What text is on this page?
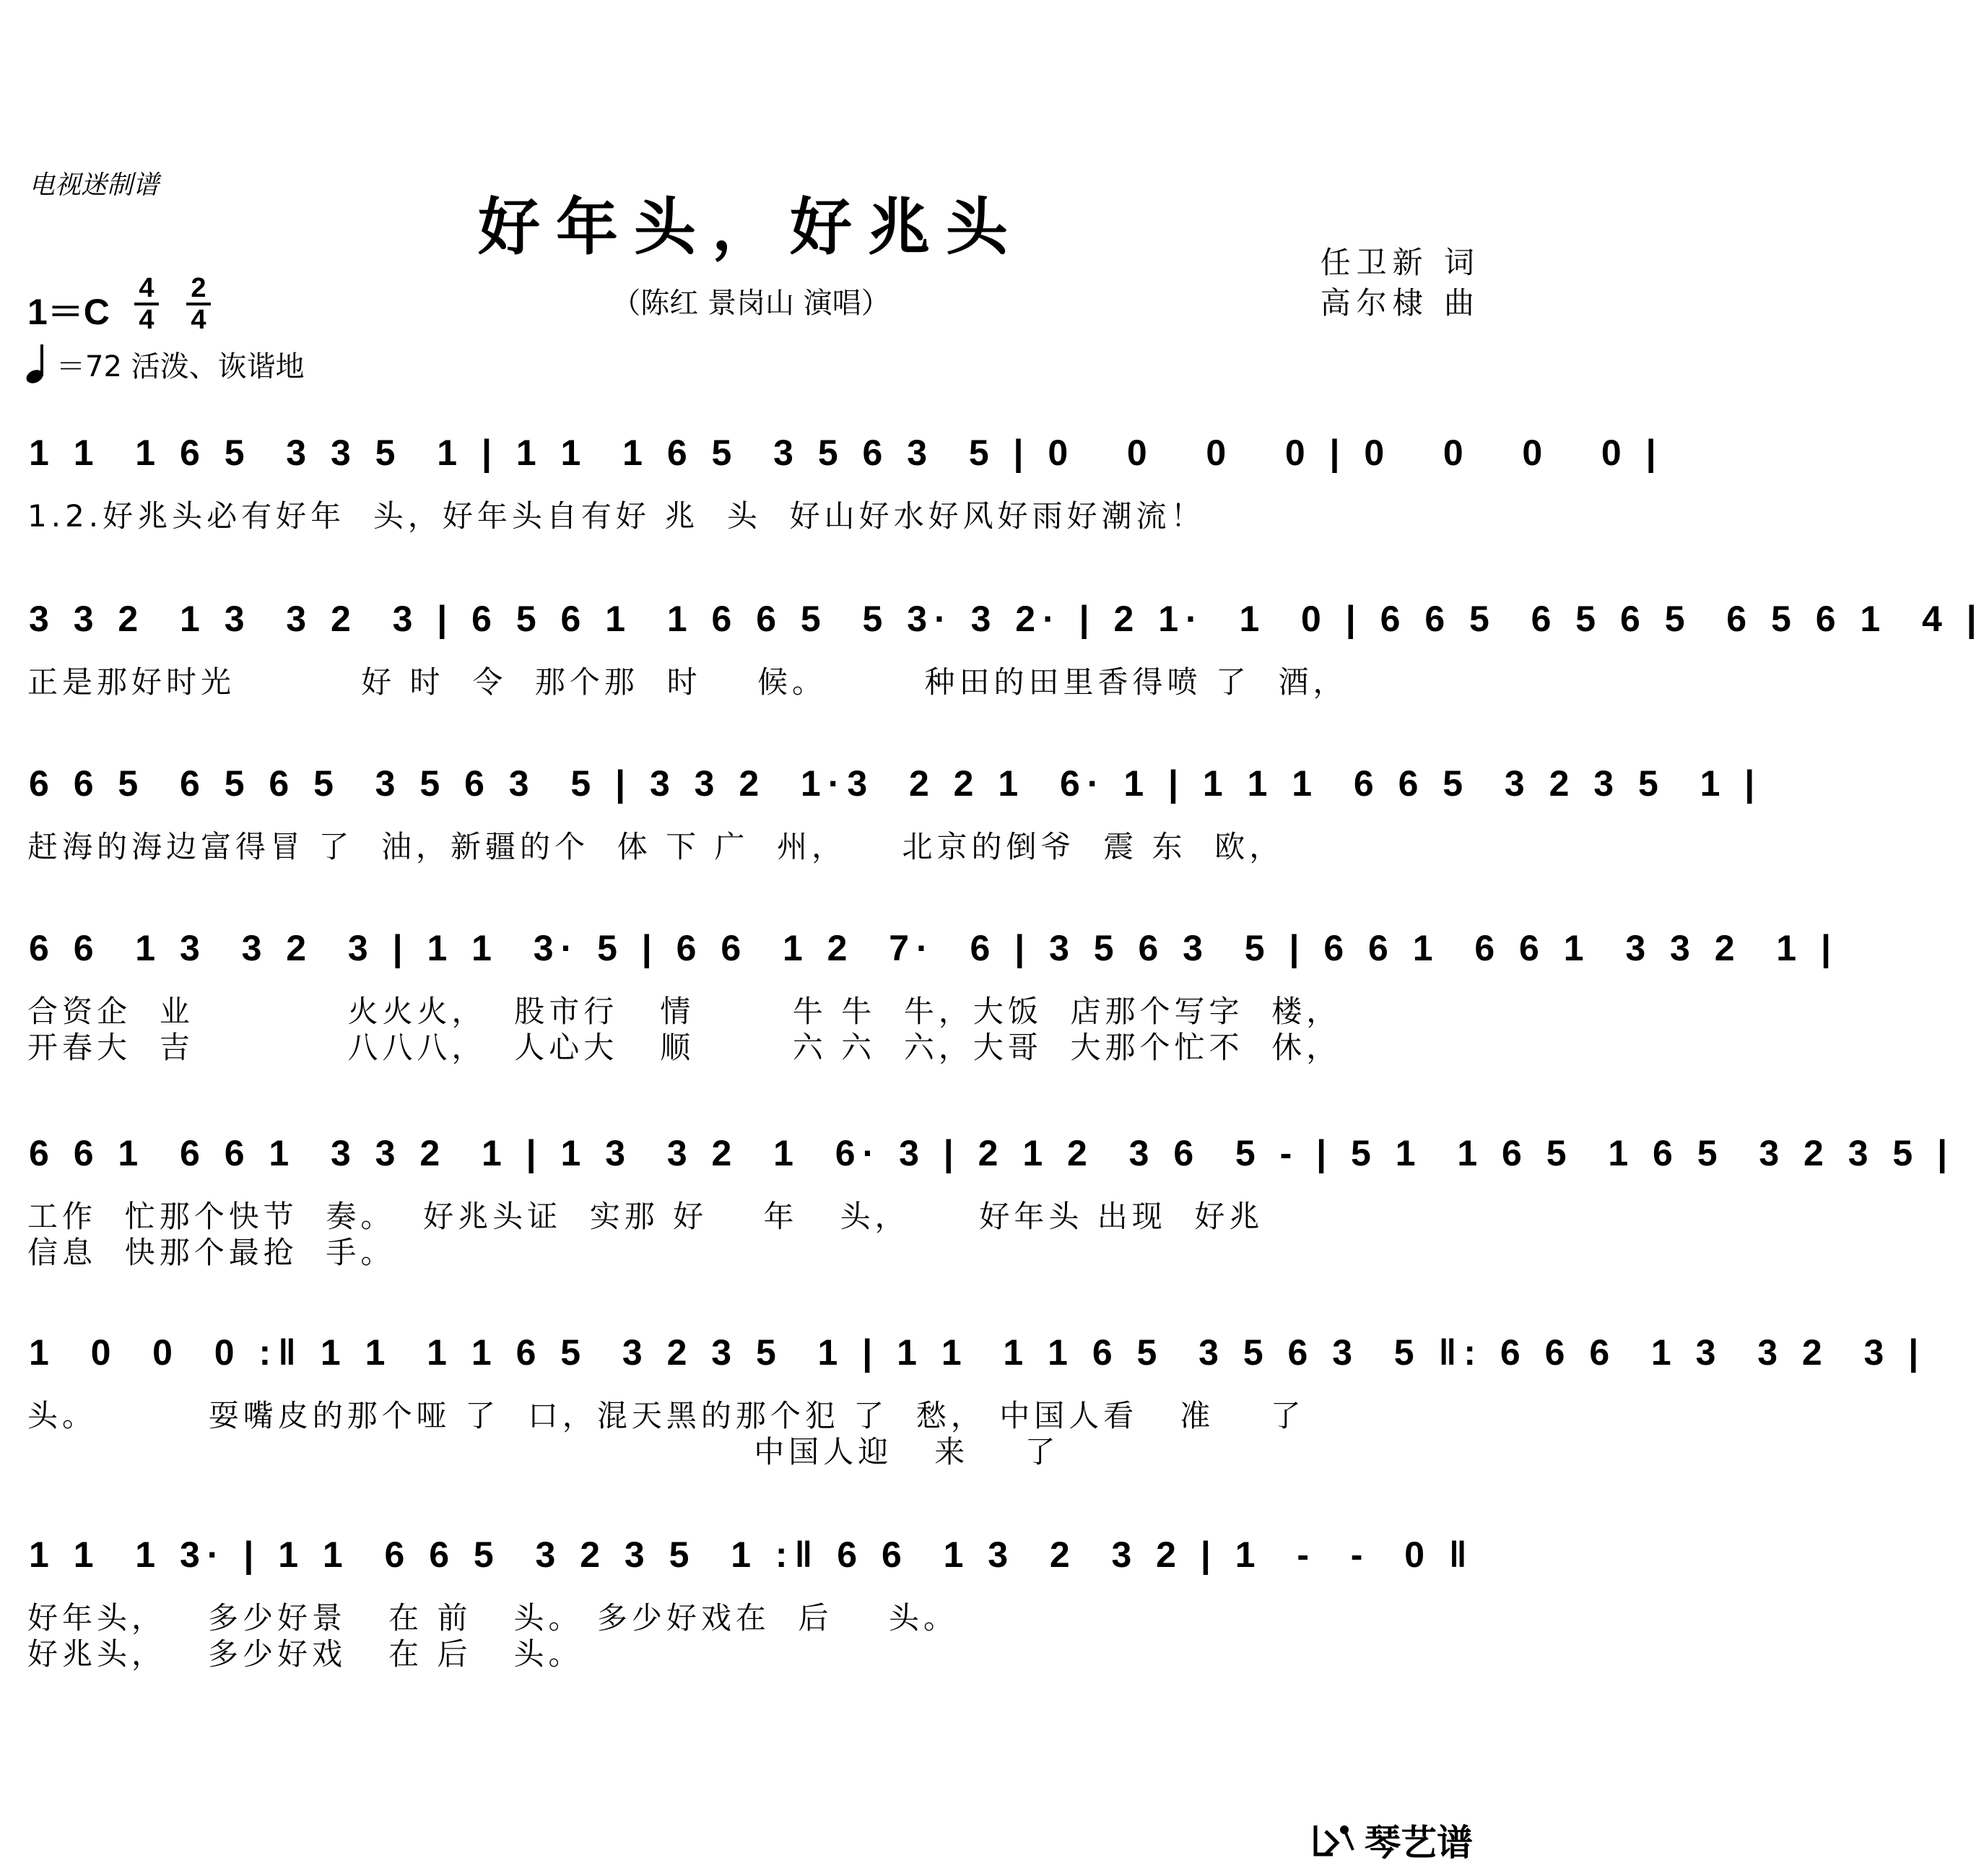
电视迷制谱
好年头，好兆头
（陈红 景岗山 演唱）
任卫新 词
高尔棣 曲
1＝C
4
4
2
4
＝72 活泼、诙谐地
1 1  1 6 5  3 3 5  1 | 1 1  1 6 5  3 5 6 3  5 | 0   0   0   0 | 0   0   0   0 |
1.2.好兆头必有好年  头，好年头自有好 兆  头  好山好水好风好雨好潮流！
3 3 2  1 3  3 2  3 | 6 5 6 1  1 6 6 5  5 3· 3 2· | 2 1·  1  0 | 6 6 5  6 5 6 5  6 5 6 1  4 |
正是那好时光         好 时  令  那个那  时    候。       种田的田里香得喷 了  酒，
6 6 5  6 5 6 5  3 5 6 3  5 | 3 3 2  1·3  2 2 1  6· 1 | 1 1 1  6 6 5  3 2 3 5  1 |
赶海的海边富得冒 了  油，新疆的个  体 下 广  州，    北京的倒爷  震 东  欧，
6 6  1 3  3 2  3 | 1 1  3· 5 | 6 6  1 2  7·  6 | 3 5 6 3  5 | 6 6 1  6 6 1  3 3 2  1 |
合资企  业           火火火，  股市行   情       牛 牛  牛，大饭  店那个写字  楼，
开春大  吉           八八八，  人心大   顺       六 六  六，大哥  大那个忙不  休，
6 6 1  6 6 1  3 3 2  1 | 1 3  3 2  1  6· 3 | 2 1 2  3 6  5 - | 5 1  1 6 5  1 6 5  3 2 3 5 |
工作  忙那个快节  奏。  好兆头证  实那 好    年   头，     好年头 出现  好兆
信息  快那个最抢  手。
1  0  0  0 :‖ 1 1  1 1 6 5  3 2 3 5  1 | 1 1  1 1 6 5  3 5 6 3  5 ‖: 6 6 6  1 3  3 2  3 |
头。        耍嘴皮的那个哑 了  口，混天黑的那个犯 了  愁， 中国人看   准    了
中国人迎   来    了
1 1  1 3· | 1 1  6 6 5  3 2 3 5  1 :‖ 6 6  1 3  2  3 2 | 1  -  -  0 ‖
好年头，   多少好景   在 前   头。 多少好戏在  后    头。
好兆头，   多少好戏   在 后   头。
琴艺谱
